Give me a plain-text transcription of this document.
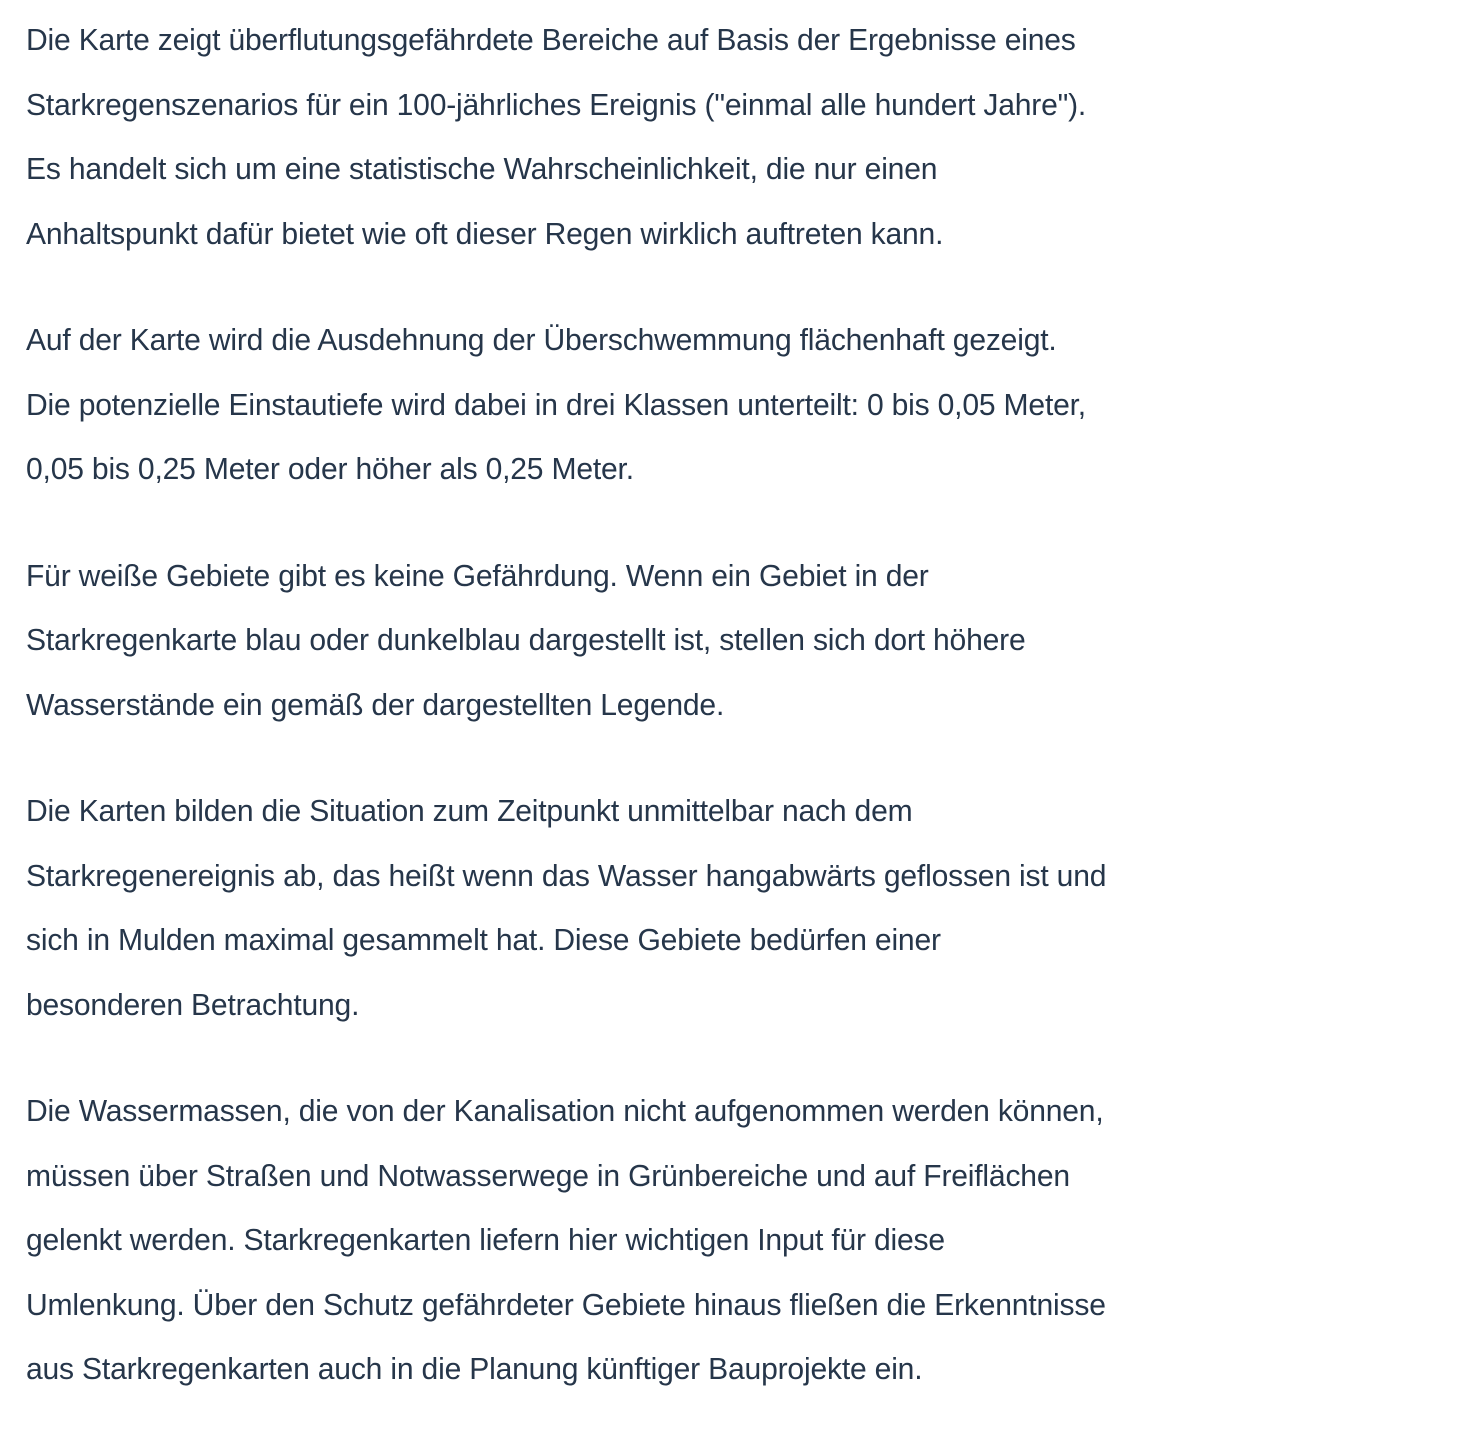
Die Karte zeigt überflutungsgefährdete Bereiche auf Basis der Ergebnisse eines
Starkregenszenarios für ein 100-jährliches Ereignis ("einmal alle hundert Jahre").
Es handelt sich um eine statistische Wahrscheinlichkeit, die nur einen
Anhaltspunkt dafür bietet wie oft dieser Regen wirklich auftreten kann.
Auf der Karte wird die Ausdehnung der Überschwemmung flächenhaft gezeigt.
Die potenzielle Einstautiefe wird dabei in drei Klassen unterteilt: 0 bis 0,05 Meter,
0,05 bis 0,25 Meter oder höher als 0,25 Meter.
Für weiße Gebiete gibt es keine Gefährdung. Wenn ein Gebiet in der
Starkregenkarte blau oder dunkelblau dargestellt ist, stellen sich dort höhere
Wasserstände ein gemäß der dargestellten Legende.
Die Karten bilden die Situation zum Zeitpunkt unmittelbar nach dem
Starkregenereignis ab, das heißt wenn das Wasser hangabwärts geflossen ist und
sich in Mulden maximal gesammelt hat. Diese Gebiete bedürfen einer
besonderen Betrachtung.
Die Wassermassen, die von der Kanalisation nicht aufgenommen werden können,
müssen über Straßen und Notwasserwege in Grünbereiche und auf Freiflächen
gelenkt werden. Starkregenkarten liefern hier wichtigen Input für diese
Umlenkung. Über den Schutz gefährdeter Gebiete hinaus fließen die Erkenntnisse
aus Starkregenkarten auch in die Planung künftiger Bauprojekte ein.
